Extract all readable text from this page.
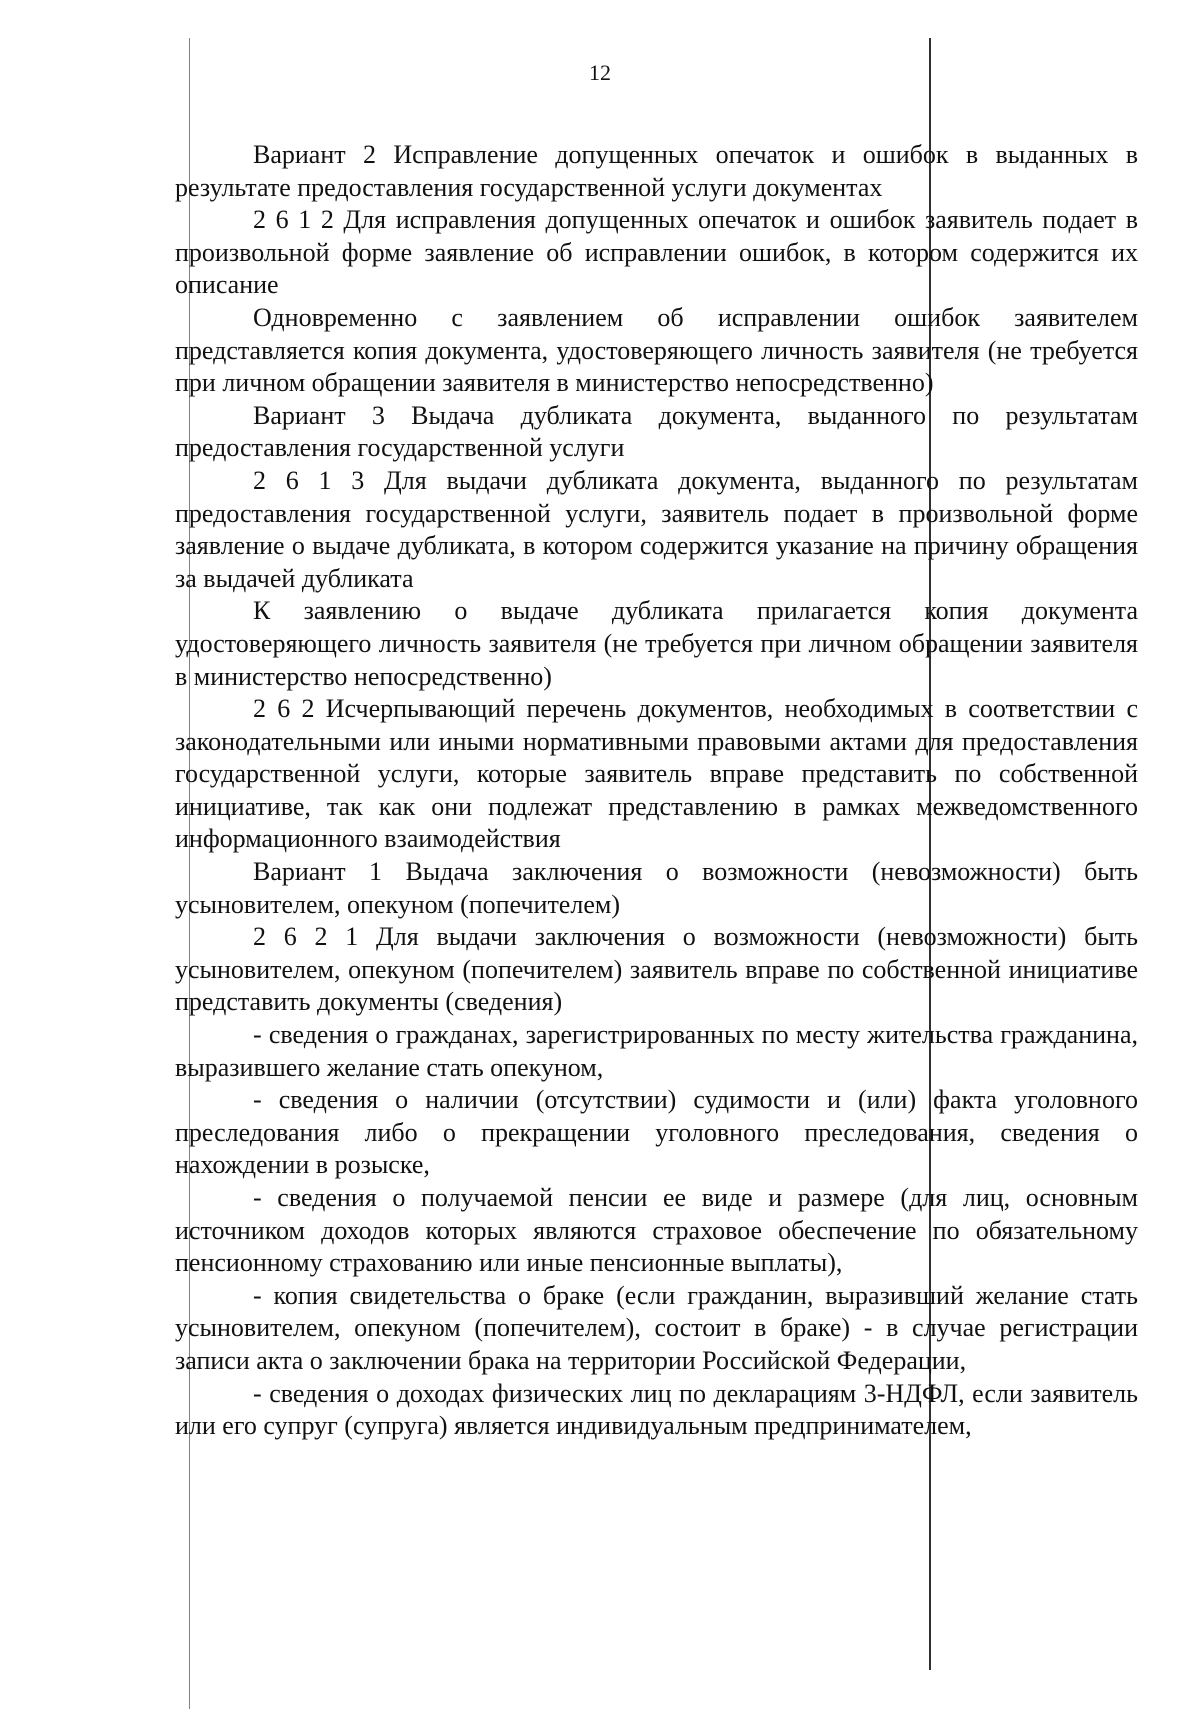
12

Вариант 2 Исправление допущенных опечаток и ошибок в выданных в результате предоставления государственной услуги документах

2 6 1 2 Для исправления допущенных опечаток и ошибок заявитель подает в произвольной форме заявление об исправлении ошибок, в котором содержится их описание

Одновременно с заявлением об исправлении ошибок заявителем представляется копия документа, удостоверяющего личность заявителя (не требуется при личном обращении заявителя в министерство непосредственно)

Вариант 3 Выдача дубликата документа, выданного по результатам предоставления государственной услуги

2 6 1 3 Для выдачи дубликата документа, выданного по результатам предоставления государственной услуги, заявитель подает в произвольной форме заявление о выдаче дубликата, в котором содержится указание на причину обращения за выдачей дубликата

К заявлению о выдаче дубликата прилагается копия документа удостоверяющего личность заявителя (не требуется при личном обращении заявителя в министерство непосредственно)

2 6 2 Исчерпывающий перечень документов, необходимых в соответствии с законодательными или иными нормативными правовыми актами для предоставления государственной услуги, которые заявитель вправе представить по собственной инициативе, так как они подлежат представлению в рамках межведомственного информационного взаимодействия

Вариант 1 Выдача заключения о возможности (невозможности) быть усыновителем, опекуном (попечителем)

2 6 2 1 Для выдачи заключения о возможности (невозможности) быть усыновителем, опекуном (попечителем) заявитель вправе по собственной инициативе представить документы (сведения)

- сведения о гражданах, зарегистрированных по месту жительства гражданина, выразившего желание стать опекуном,

- сведения о наличии (отсутствии) судимости и (или) факта уголовного преследования либо о прекращении уголовного преследования, сведения о нахождении в розыске,

- сведения о получаемой пенсии ее виде и размере (для лиц, основным источником доходов которых являются страховое обеспечение по обязательному пенсионному страхованию или иные пенсионные выплаты),

- копия свидетельства о браке (если гражданин, выразивший желание стать усыновителем, опекуном (попечителем), состоит в браке) - в случае регистрации записи акта о заключении брака на территории Российской Федерации,

- сведения о доходах физических лиц по декларациям 3-НДФЛ, если заявитель или его супруг (супруга) является индивидуальным предпринимателем,
